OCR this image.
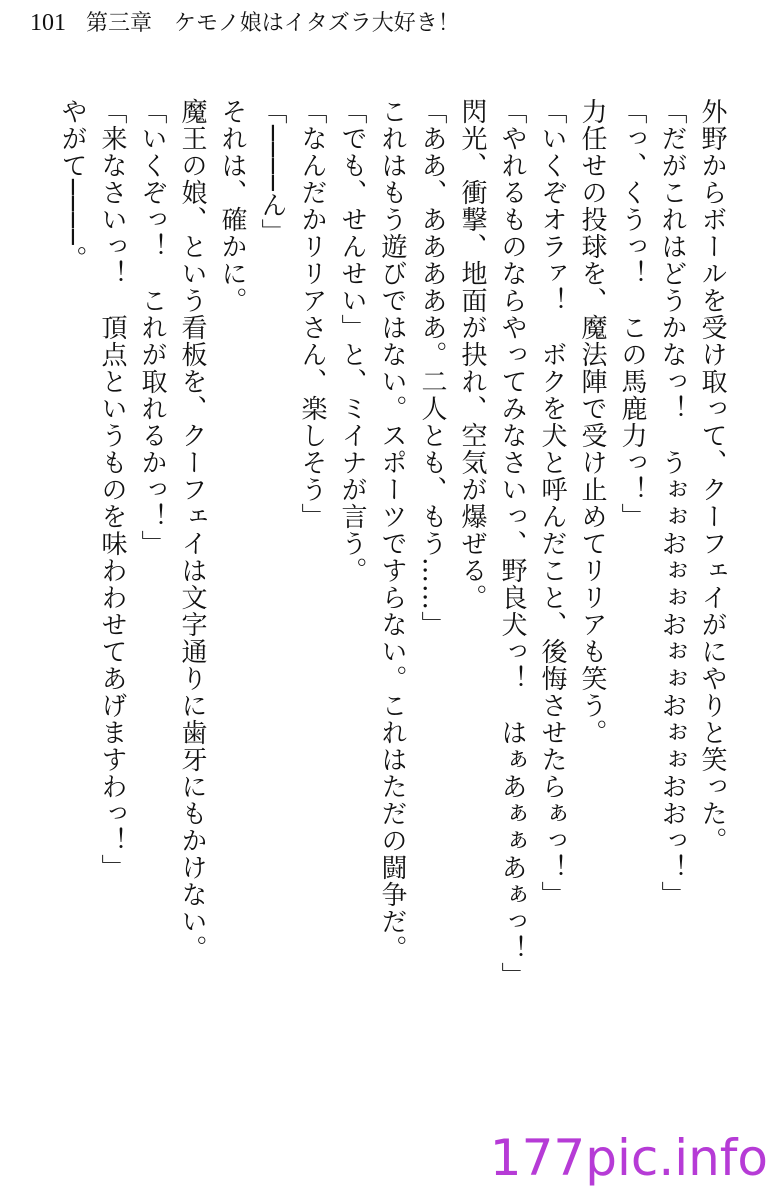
101 第三章　ケモノ娘はイタズラ大好き！
外野からボールを受け取って、クーフェイがにやりと笑った。
「だがこれはどうかなっ！　うぉぉおぉぉおぉぉおぉぉおおっ！」
「っ、くうっ！　この馬鹿力っ！」
力任せの投球を、魔法陣で受け止めてリリアも笑う。
「いくぞオラァ！　ボクを犬と呼んだこと、後悔させたらぁっ！」
「やれるものならやってみなさいっ、野良犬っ！　はぁあぁぁあぁっ！」
閃光、衝撃、地面が抉れ、空気が爆ぜる。
「ああ、あああああ。二人とも、もう……」
これはもう遊びではない。スポーツですらない。これはただの闘争だ。
「でも、せんせい」と、ミイナが言う。
「なんだかリリアさん、楽しそう」
「────ん」
それは、確かに。
魔王の娘、という看板を、クーフェイは文字通りに歯牙にもかけない。
「いくぞっ！　これが取れるかっ！」
「来なさいっ！　頂点というものを味わわせてあげますわっ！」
やがて────。
177pic.info
